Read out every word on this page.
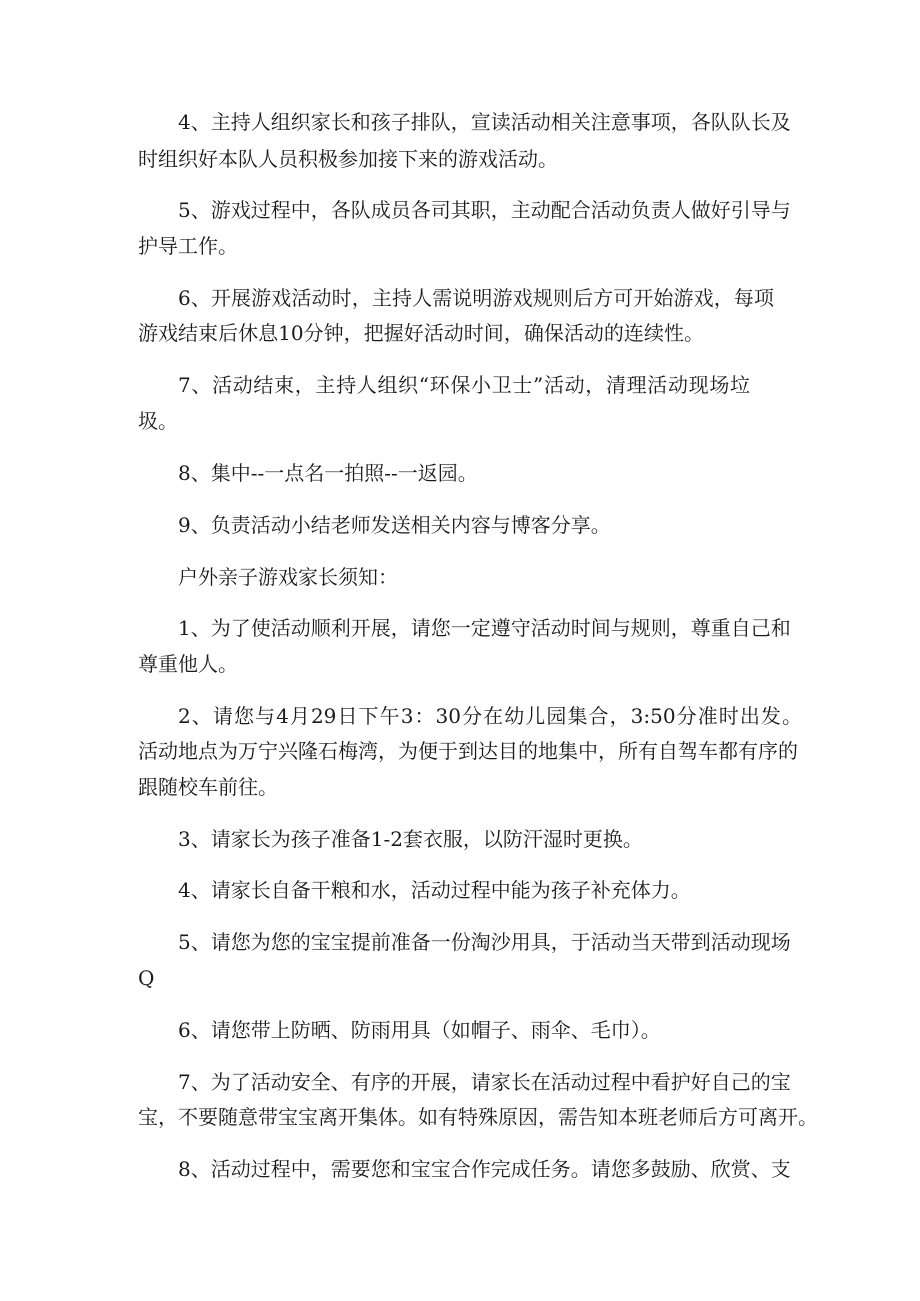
4、主持人组织家长和孩子排队，宣读活动相关注意事项，各队队长及
时组织好本队人员积极参加接下来的游戏活动。
5、游戏过程中，各队成员各司其职，主动配合活动负责人做好引导与
护导工作。
6、开展游戏活动时，主持人需说明游戏规则后方可开始游戏，每项
游戏结束后休息10分钟，把握好活动时间，确保活动的连续性。
7、活动结束，主持人组织“环保小卫士”活动，清理活动现场垃
圾。
8、集中--一点名一拍照--一返园。
9、负责活动小结老师发送相关内容与博客分享。
户外亲子游戏家长须知：
1、为了使活动顺利开展，请您一定遵守活动时间与规则，尊重自己和
尊重他人。
2、请您与4月29日下午3：30分在幼儿园集合，3:50分准时出发。
活动地点为万宁兴隆石梅湾，为便于到达目的地集中，所有自驾车都有序的
跟随校车前往。
3、请家长为孩子准备1-2套衣服，以防汗湿时更换。
4、请家长自备干粮和水，活动过程中能为孩子补充体力。
5、请您为您的宝宝提前准备一份淘沙用具，于活动当天带到活动现场
Q
6、请您带上防晒、防雨用具（如帽子、雨伞、毛巾）。
7、为了活动安全、有序的开展，请家长在活动过程中看护好自己的宝
宝，不要随意带宝宝离开集体。如有特殊原因，需告知本班老师后方可离开。
8、活动过程中，需要您和宝宝合作完成任务。请您多鼓励、欣赏、支
